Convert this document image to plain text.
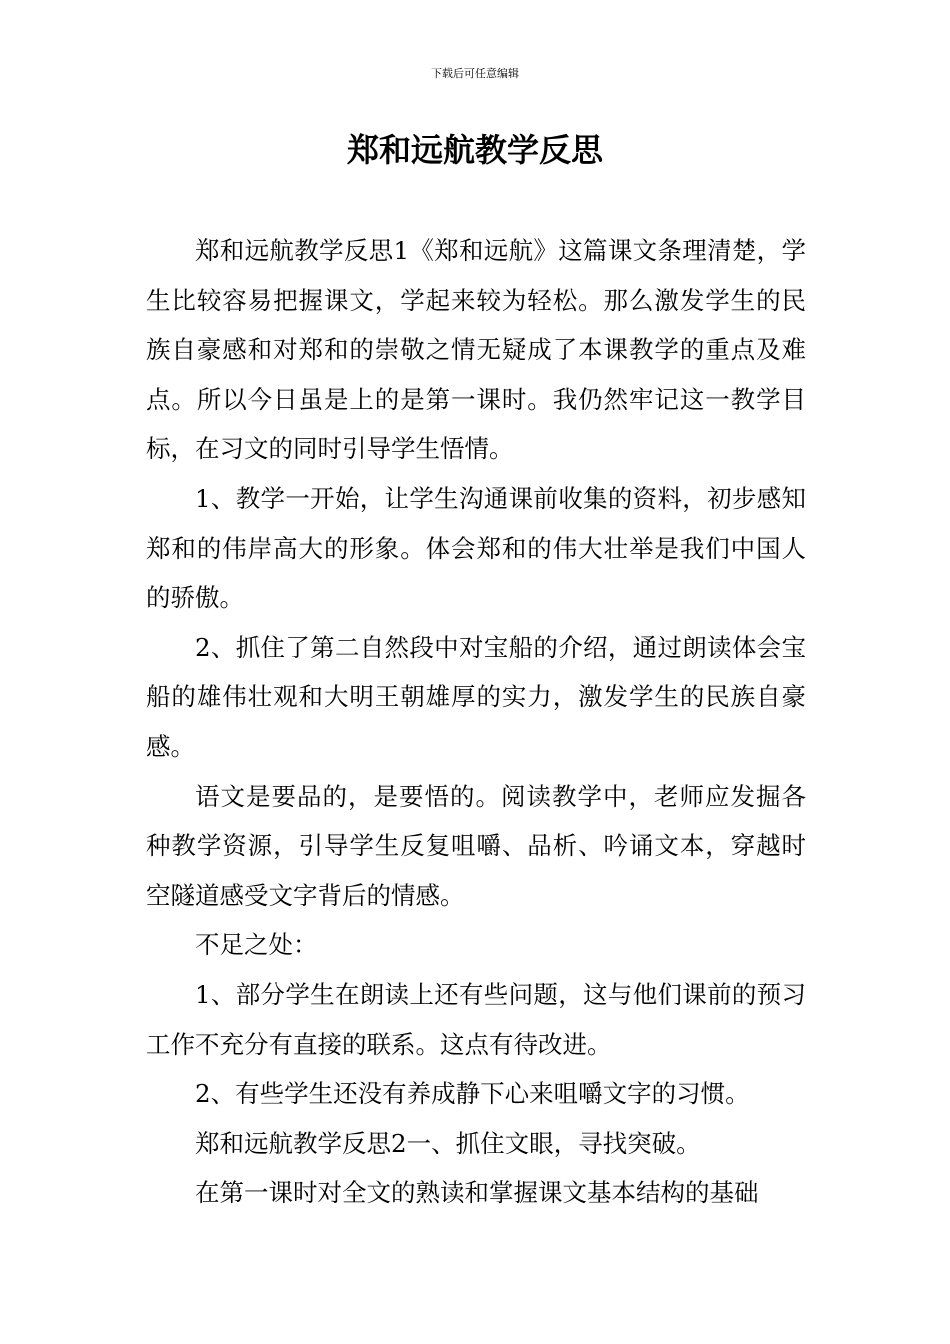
下载后可任意编辑
郑和远航教学反思

郑和远航教学反思1《郑和远航》这篇课文条理清楚，学生比较容易把握课文，学起来较为轻松。那么激发学生的民族自豪感和对郑和的崇敬之情无疑成了本课教学的重点及难点。所以今日虽是上的是第一课时。我仍然牢记这一教学目标，在习文的同时引导学生悟情。

1、教学一开始，让学生沟通课前收集的资料，初步感知郑和的伟岸高大的形象。体会郑和的伟大壮举是我们中国人的骄傲。

2、抓住了第二自然段中对宝船的介绍，通过朗读体会宝船的雄伟壮观和大明王朝雄厚的实力，激发学生的民族自豪感。

语文是要品的，是要悟的。阅读教学中，老师应发掘各种教学资源，引导学生反复咀嚼、品析、吟诵文本，穿越时空隧道感受文字背后的情感。

不足之处：

1、部分学生在朗读上还有些问题，这与他们课前的预习工作不充分有直接的联系。这点有待改进。

2、有些学生还没有养成静下心来咀嚼文字的习惯。

郑和远航教学反思2一、抓住文眼，寻找突破。

在第一课时对全文的熟读和掌握课文基本结构的基础
